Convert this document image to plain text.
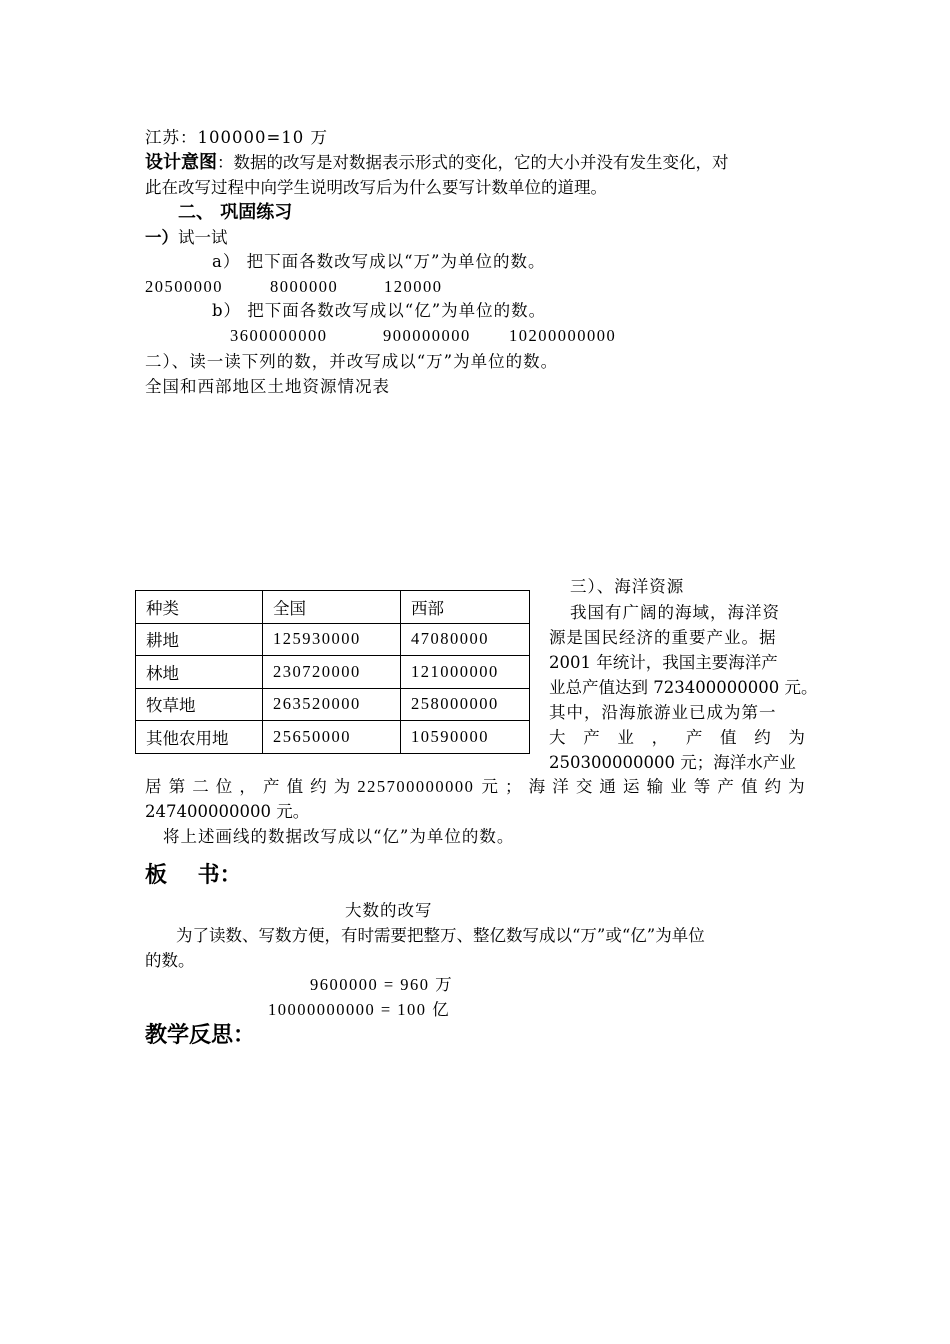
江苏：100000=10 万
设计意图：数据的改写是对数据表示形式的变化，它的大小并没有发生变化，对
此在改写过程中向学生说明改写后为什么要写计数单位的道理。
二、 巩固练习
一）试一试
a） 把下面各数改写成以“万”为单位的数。
20500000	8000000	120000
b） 把下面各数改写成以“亿”为单位的数。
3600000000	900000000 10200000000
二）、读一读下列的数，并改写成以“万”为单位的数。
全国和西部地区土地资源情况表
种类	全国	西部
耕地	125930000	47080000
林地	230720000	121000000
牧草地	263520000	258000000
其他农用地	25650000	10590000
三）、海洋资源
我国有广阔的海域，海洋资
源是国民经济的重要产业。据
2001 年统计，我国主要海洋产
业总产值达到 723400000000 元。
其中，沿海旅游业已成为第一
大 产 业 ， 产 值 约 为
250300000000 元；海洋水产业
居 第 二 位 ， 产 值 约 为 225700000000 元 ； 海 洋 交 通 运 输 业 等 产 值 约 为
247400000000 元。
将上述画线的数据改写成以“亿”为单位的数。
板    书：
大数的改写
为了读数、写数方便，有时需要把整万、整亿数写成以“万”或“亿”为单位
的数。
9600000 = 960 万
10000000000 = 100 亿
教学反思：
